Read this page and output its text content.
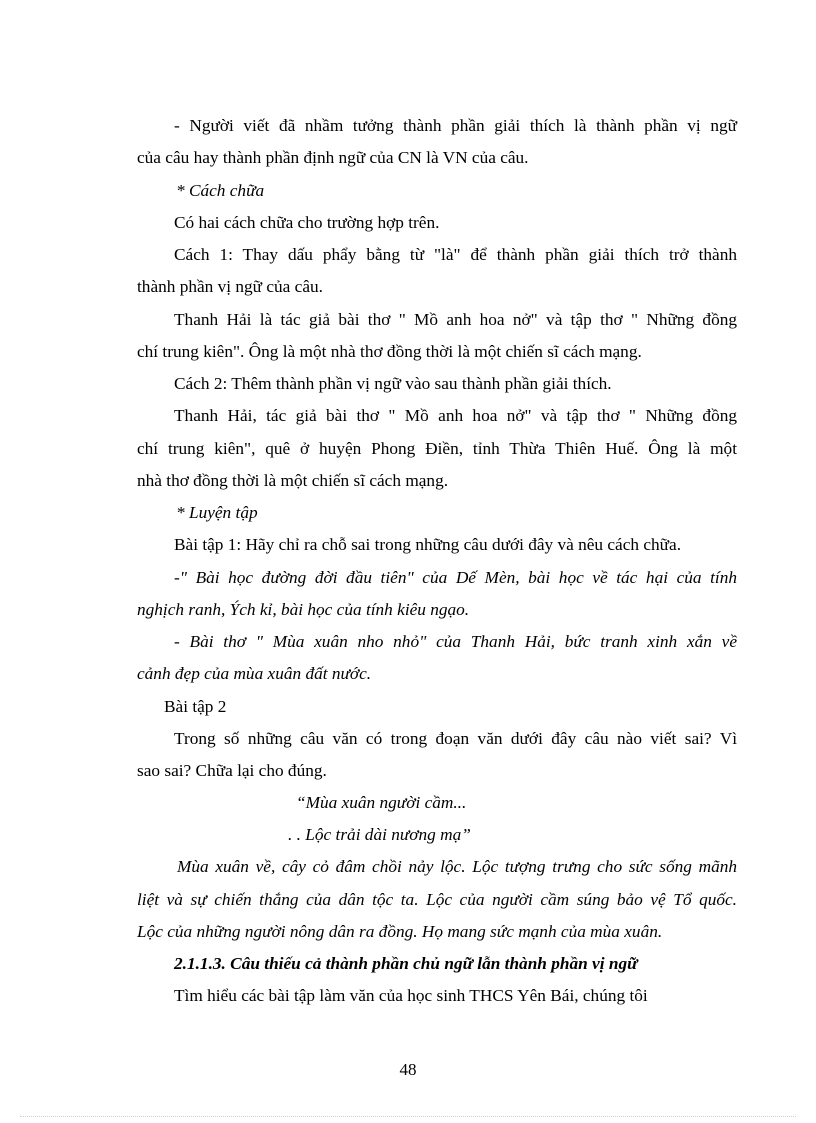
- Người viết đã nhầm tưởng thành phần giải thích là thành phần vị ngữ
của câu hay thành phần định ngữ của CN là VN của câu.
* Cách chữa
Có hai cách chữa cho trường hợp trên.
Cách 1: Thay dấu phẩy bằng từ "là" để thành phần giải thích trở thành
thành phần vị ngữ của câu.
Thanh Hải là tác giả bài thơ " Mồ anh hoa nở" và tập thơ " Những đồng
chí trung kiên". Ông là một nhà thơ đồng thời là một chiến sĩ cách mạng.
Cách 2: Thêm thành phần vị ngữ vào sau thành phần giải thích.
Thanh Hải, tác giả bài thơ " Mồ anh hoa nở" và tập thơ " Những đồng
chí trung kiên", quê ở huyện Phong Điền, tỉnh Thừa Thiên Huế. Ông là một
nhà thơ đồng thời là một chiến sĩ cách mạng.
* Luyện tập
Bài tập 1: Hãy chỉ ra chỗ sai trong những câu dưới đây và nêu cách chữa.
-" Bài học đường đời đầu tiên" của Dế Mèn, bài học về tác hại của tính
nghịch ranh, Ých kỉ, bài học của tính kiêu ngạo.
- Bài thơ " Mùa xuân nho nhỏ" của Thanh Hải, bức tranh xinh xắn về
cảnh đẹp của mùa xuân đất nước.
Bài tập 2
Trong số những câu văn có trong đoạn văn dưới đây câu nào viết sai? Vì
sao sai? Chữa lại cho đúng.
“Mùa xuân người cầm...
. . Lộc trải dài nương mạ”
Mùa xuân về, cây cỏ đâm chồi nảy lộc. Lộc tượng trưng cho sức sống mãnh
liệt và sự chiến thắng của dân tộc ta. Lộc của người cầm súng bảo vệ Tổ quốc.
Lộc của những người nông dân ra đồng. Họ mang sức mạnh của mùa xuân.
2.1.1.3. Câu thiếu cả thành phần chủ ngữ lẫn thành phần vị ngữ
Tìm hiểu các bài tập làm văn của học sinh THCS Yên Bái, chúng tôi
48
